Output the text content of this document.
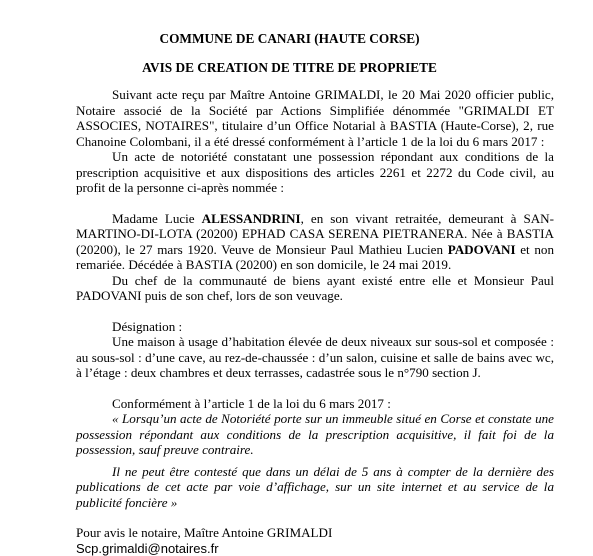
COMMUNE DE CANARI (HAUTE CORSE)
AVIS DE CREATION DE TITRE DE PROPRIETE

Suivant acte reçu par Maître Antoine GRIMALDI, le 20 Mai 2020 officier public, Notaire associé de la Société par Actions Simplifiée dénommée "GRIMALDI ET ASSOCIES, NOTAIRES", titulaire d’un Office Notarial à BASTIA (Haute-Corse), 2, rue Chanoine Colombani, il a été dressé conformément à l’article 1 de la loi du 6 mars 2017 :

Un acte de notoriété constatant une possession répondant aux conditions de la prescription acquisitive et aux dispositions des articles 2261 et 2272 du Code civil, au profit de la personne ci-après nommée :

Madame Lucie ALESSANDRINI, en son vivant retraitée, demeurant à SAN-MARTINO-DI-LOTA (20200) EPHAD CASA SERENA PIETRANERA. Née à BASTIA (20200), le 27 mars 1920. Veuve de Monsieur Paul Mathieu Lucien PADOVANI et non remariée. Décédée à BASTIA (20200) en son domicile, le 24 mai 2019.

Du chef de la communauté de biens ayant existé entre elle et Monsieur Paul PADOVANI puis de son chef, lors de son veuvage.

Désignation :

Une maison à usage d’habitation élevée de deux niveaux sur sous-sol et composée : au sous-sol : d’une cave, au rez-de-chaussée : d’un salon, cuisine et salle de bains avec wc, à l’étage : deux chambres et deux terrasses, cadastrée sous le n°790 section J.

Conformément à l’article 1 de la loi du 6 mars 2017 :

« Lorsqu’un acte de Notoriété porte sur un immeuble situé en Corse et constate une possession répondant aux conditions de la prescription acquisitive, il fait foi de la possession, sauf preuve contraire.

Il ne peut être contesté que dans un délai de 5 ans à compter de la dernière des publications de cet acte par voie d’affichage, sur un site internet et au service de la publicité foncière »

Pour avis le notaire, Maître Antoine GRIMALDI

Scp.grimaldi@notaires.fr
